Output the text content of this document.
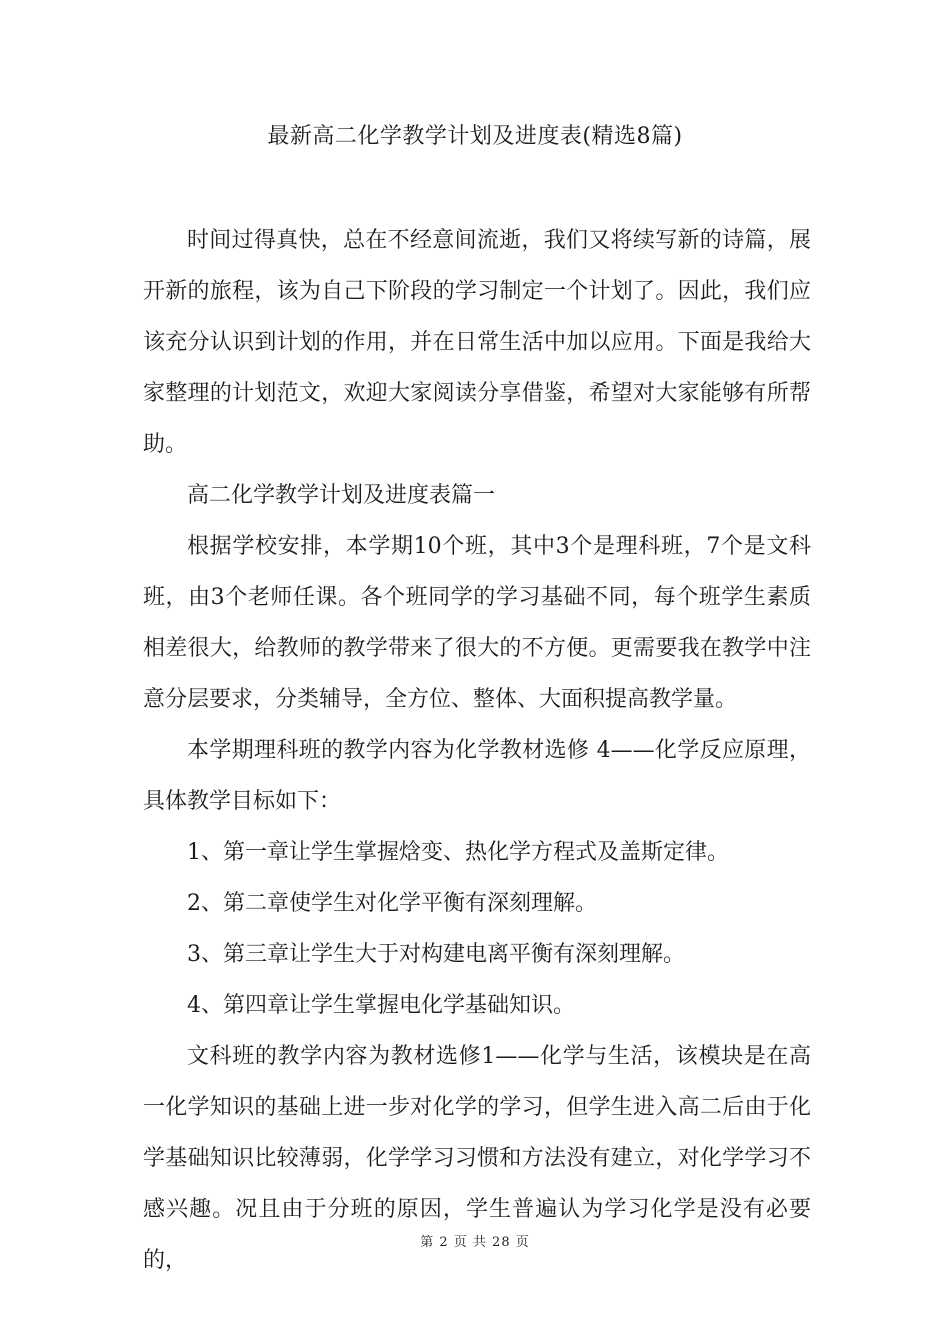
最新高二化学教学计划及进度表(精选8篇)

时间过得真快，总在不经意间流逝，我们又将续写新的诗篇，展开新的旅程，该为自己下阶段的学习制定一个计划了。因此，我们应该充分认识到计划的作用，并在日常生活中加以应用。下面是我给大家整理的计划范文，欢迎大家阅读分享借鉴，希望对大家能够有所帮助。

高二化学教学计划及进度表篇一

根据学校安排，本学期10个班，其中3个是理科班，7个是文科班，由3个老师任课。各个班同学的学习基础不同，每个班学生素质相差很大，给教师的教学带来了很大的不方便。更需要我在教学中注意分层要求，分类辅导，全方位、整体、大面积提高教学量。

本学期理科班的教学内容为化学教材选修 4——化学反应原理，具体教学目标如下：

1、第一章让学生掌握焓变、热化学方程式及盖斯定律。

2、第二章使学生对化学平衡有深刻理解。

3、第三章让学生大于对构建电离平衡有深刻理解。

4、第四章让学生掌握电化学基础知识。

文科班的教学内容为教材选修1——化学与生活，该模块是在高一化学知识的基础上进一步对化学的学习，但学生进入高二后由于化学基础知识比较薄弱，化学学习习惯和方法没有建立，对化学学习不感兴趣。况且由于分班的原因，学生普遍认为学习化学是没有必要的，

第 2 页 共 28 页
